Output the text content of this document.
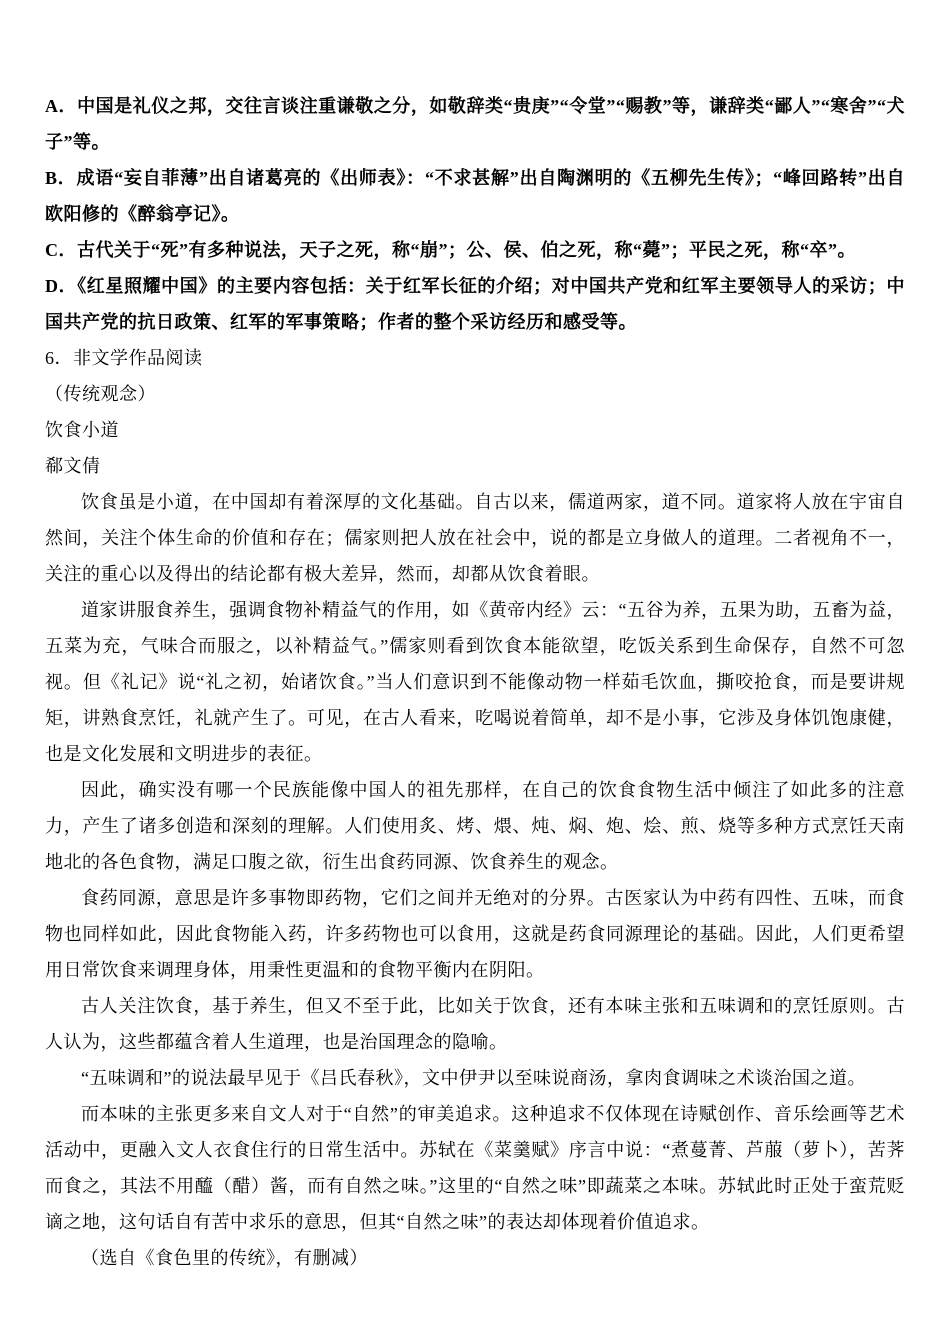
A．中国是礼仪之邦，交往言谈注重谦敬之分，如敬辞类“贵庚”“令堂”“赐教”等，谦辞类“鄙人”“寒舍”“犬子”等。

B．成语“妄自菲薄”出自诸葛亮的《出师表》：“不求甚解”出自陶渊明的《五柳先生传》；“峰回路转”出自欧阳修的《醉翁亭记》。

C．古代关于“死”有多种说法，天子之死，称“崩”；公、侯、伯之死，称“薨”；平民之死，称“卒”。

D．《红星照耀中国》的主要内容包括：关于红军长征的介绍；对中国共产党和红军主要领导人的采访；中国共产党的抗日政策、红军的军事策略；作者的整个采访经历和感受等。

6．非文学作品阅读

（传统观念）

饮食小道

郗文倩

饮食虽是小道，在中国却有着深厚的文化基础。自古以来，儒道两家，道不同。道家将人放在宇宙自然间，关注个体生命的价值和存在；儒家则把人放在社会中，说的都是立身做人的道理。二者视角不一，关注的重心以及得出的结论都有极大差异，然而，却都从饮食着眼。

道家讲服食养生，强调食物补精益气的作用，如《黄帝内经》云：“五谷为养，五果为助，五畜为益，五菜为充，气味合而服之，以补精益气。”儒家则看到饮食本能欲望，吃饭关系到生命保存，自然不可忽视。但《礼记》说“礼之初，始诸饮食。”当人们意识到不能像动物一样茹毛饮血，撕咬抢食，而是要讲规矩，讲熟食烹饪，礼就产生了。可见，在古人看来，吃喝说着简单，却不是小事，它涉及身体饥饱康健，也是文化发展和文明进步的表征。

因此，确实没有哪一个民族能像中国人的祖先那样，在自己的饮食食物生活中倾注了如此多的注意力，产生了诸多创造和深刻的理解。人们使用炙、烤、煨、炖、焖、炮、烩、煎、烧等多种方式烹饪天南地北的各色食物，满足口腹之欲，衍生出食药同源、饮食养生的观念。

食药同源，意思是许多事物即药物，它们之间并无绝对的分界。古医家认为中药有四性、五味，而食物也同样如此，因此食物能入药，许多药物也可以食用，这就是药食同源理论的基础。因此，人们更希望用日常饮食来调理身体，用秉性更温和的食物平衡内在阴阳。

古人关注饮食，基于养生，但又不至于此，比如关于饮食，还有本味主张和五味调和的烹饪原则。古人认为，这些都蕴含着人生道理，也是治国理念的隐喻。

“五味调和”的说法最早见于《吕氏春秋》，文中伊尹以至味说商汤，拿肉食调味之术谈治国之道。

而本味的主张更多来自文人对于“自然”的审美追求。这种追求不仅体现在诗赋创作、音乐绘画等艺术活动中，更融入文人衣食住行的日常生活中。苏轼在《菜羹赋》序言中说：“煮蔓菁、芦菔（萝卜），苦荠而食之，其法不用醯（醋）酱，而有自然之味。”这里的“自然之味”即蔬菜之本味。苏轼此时正处于蛮荒贬谪之地，这句话自有苦中求乐的意思，但其“自然之味”的表达却体现着价值追求。

（选自《食色里的传统》，有删减）
